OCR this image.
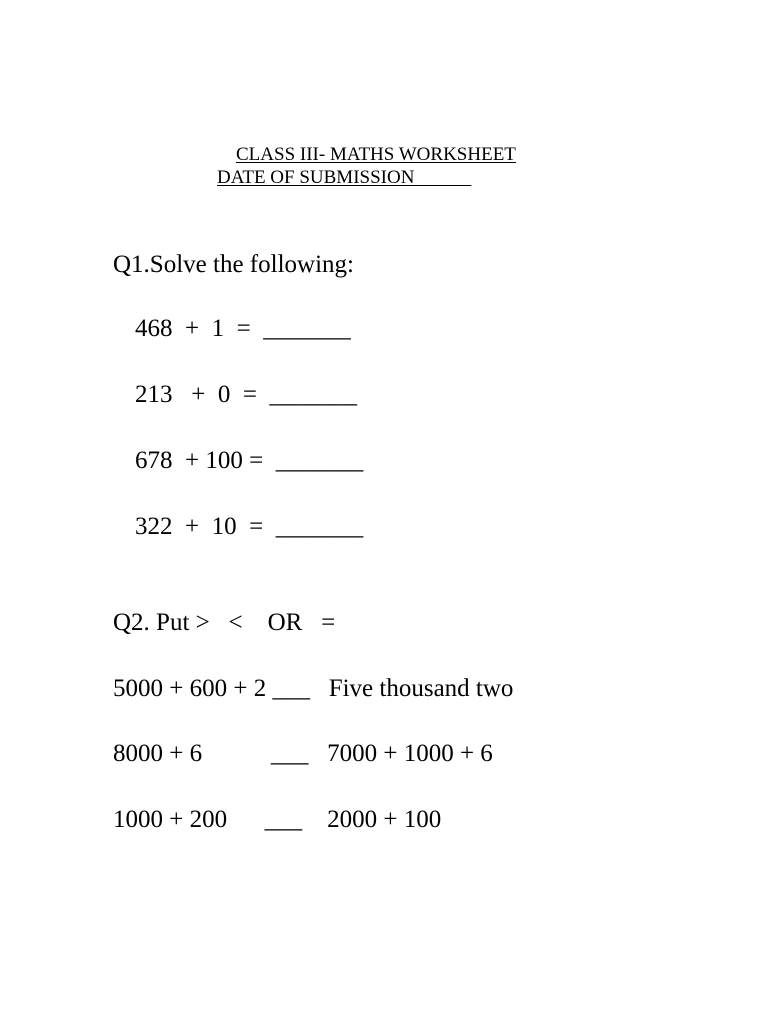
CLASS III- MATHS WORKSHEET
DATE OF SUBMISSION
Q1.Solve the following:
468  +  1  =  _______
213   +  0  =  _______
678  + 100 =  _______
322  +  10  =  _______
Q2. Put >   <    OR   =
5000 + 600 + 2 ___   Five thousand two
8000 + 6           ___   7000 + 1000 + 6
1000 + 200      ___    2000 + 100
